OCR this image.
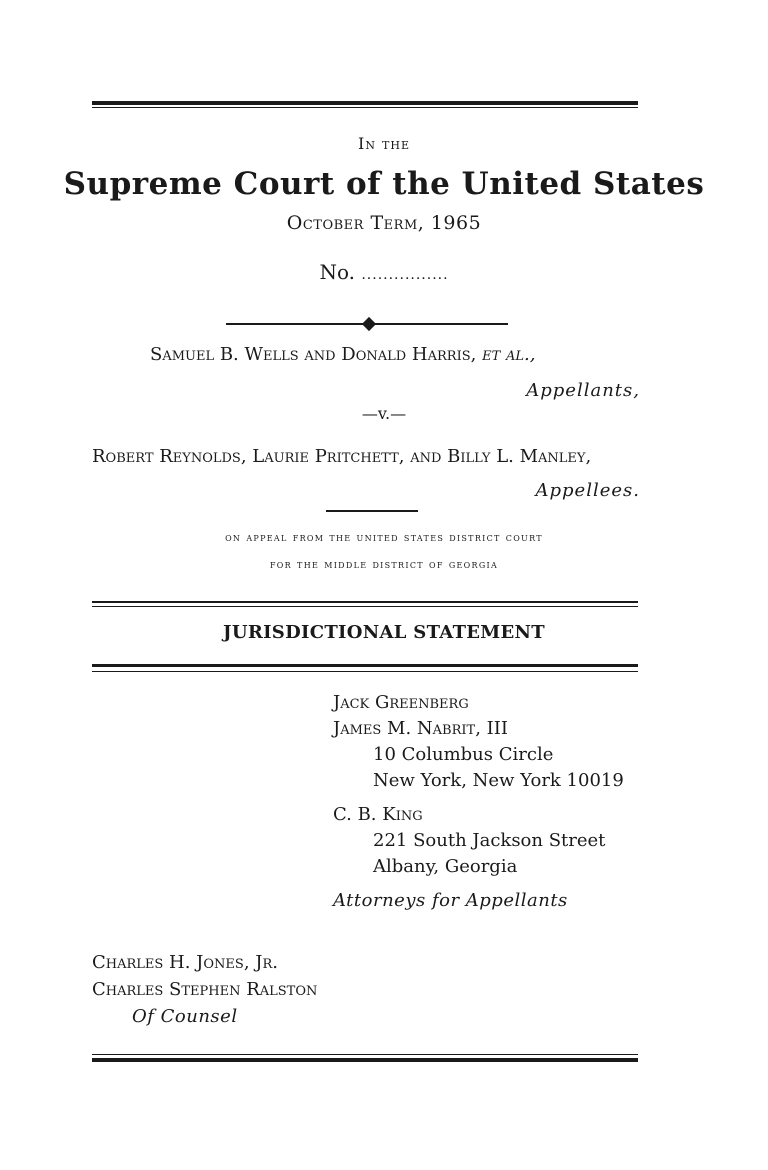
In the
Supreme Court of the United States
October Term, 1965
No. ................
Samuel B. Wells and Donald Harris, et al.,
Appellants,
—v.—
Robert Reynolds, Laurie Pritchett, and Billy L. Manley,
Appellees.
on appeal from the united states district court
for the middle district of georgia
JURISDICTIONAL STATEMENT
Jack Greenberg
James M. Nabrit, III
10 Columbus Circle
New York, New York 10019
C. B. King
221 South Jackson Street
Albany, Georgia
Attorneys for Appellants
Charles H. Jones, Jr.
Charles Stephen Ralston
Of Counsel
